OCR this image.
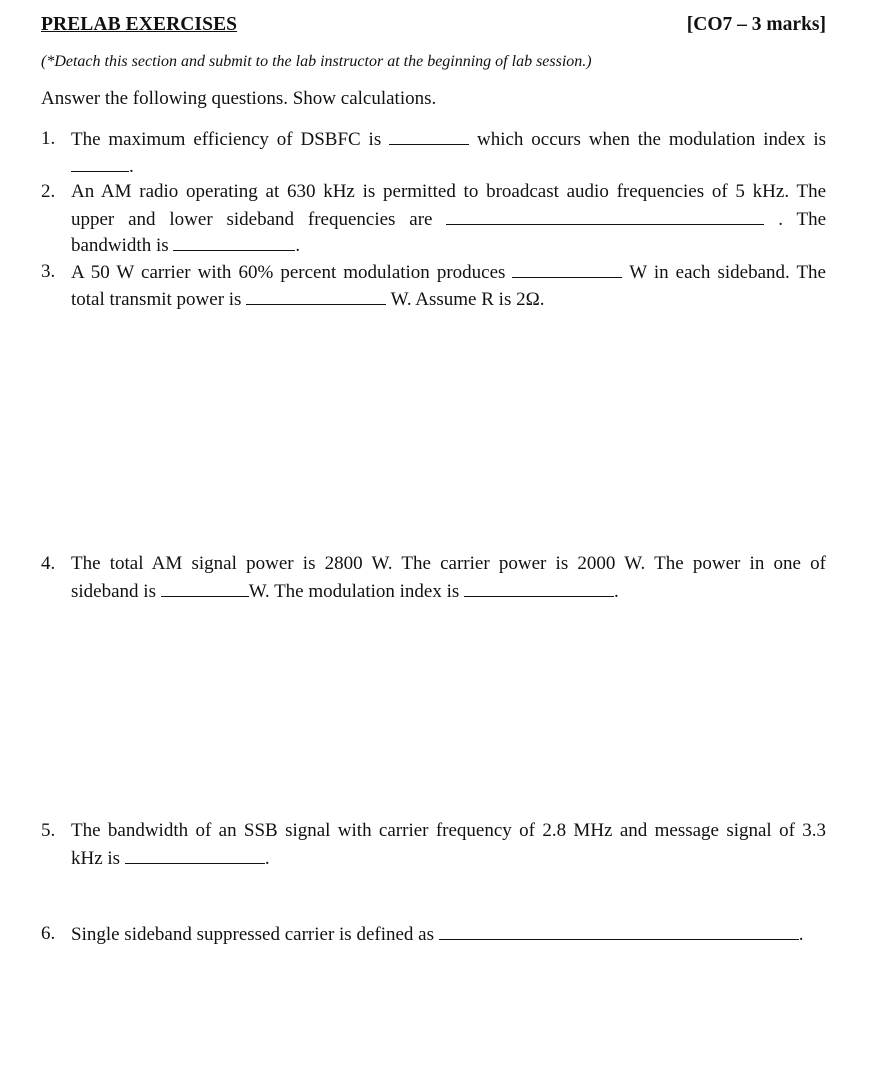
PRELAB EXERCISES	[CO7 – 3 marks]
(*Detach this section and submit to the lab instructor at the beginning of lab session.)
Answer the following questions. Show calculations.
1. The maximum efficiency of DSBFC is	which occurs when the modulation index is
.
2. An AM radio operating at 630 kHz is permitted to broadcast audio frequencies of 5 kHz. The
upper and lower sideband frequencies are	. The
bandwidth is	.
3. A 50 W carrier with 60% percent modulation produces	W in each sideband. The
total transmit power is	W. Assume R is 2Ω.
4. The total AM signal power is 2800 W. The carrier power is 2000 W. The power in one of
sideband is	W. The modulation index is	.
5. The bandwidth of an SSB signal with carrier frequency of 2.8 MHz and message signal of 3.3
kHz is	.
6. Single sideband suppressed carrier is defined as	.
